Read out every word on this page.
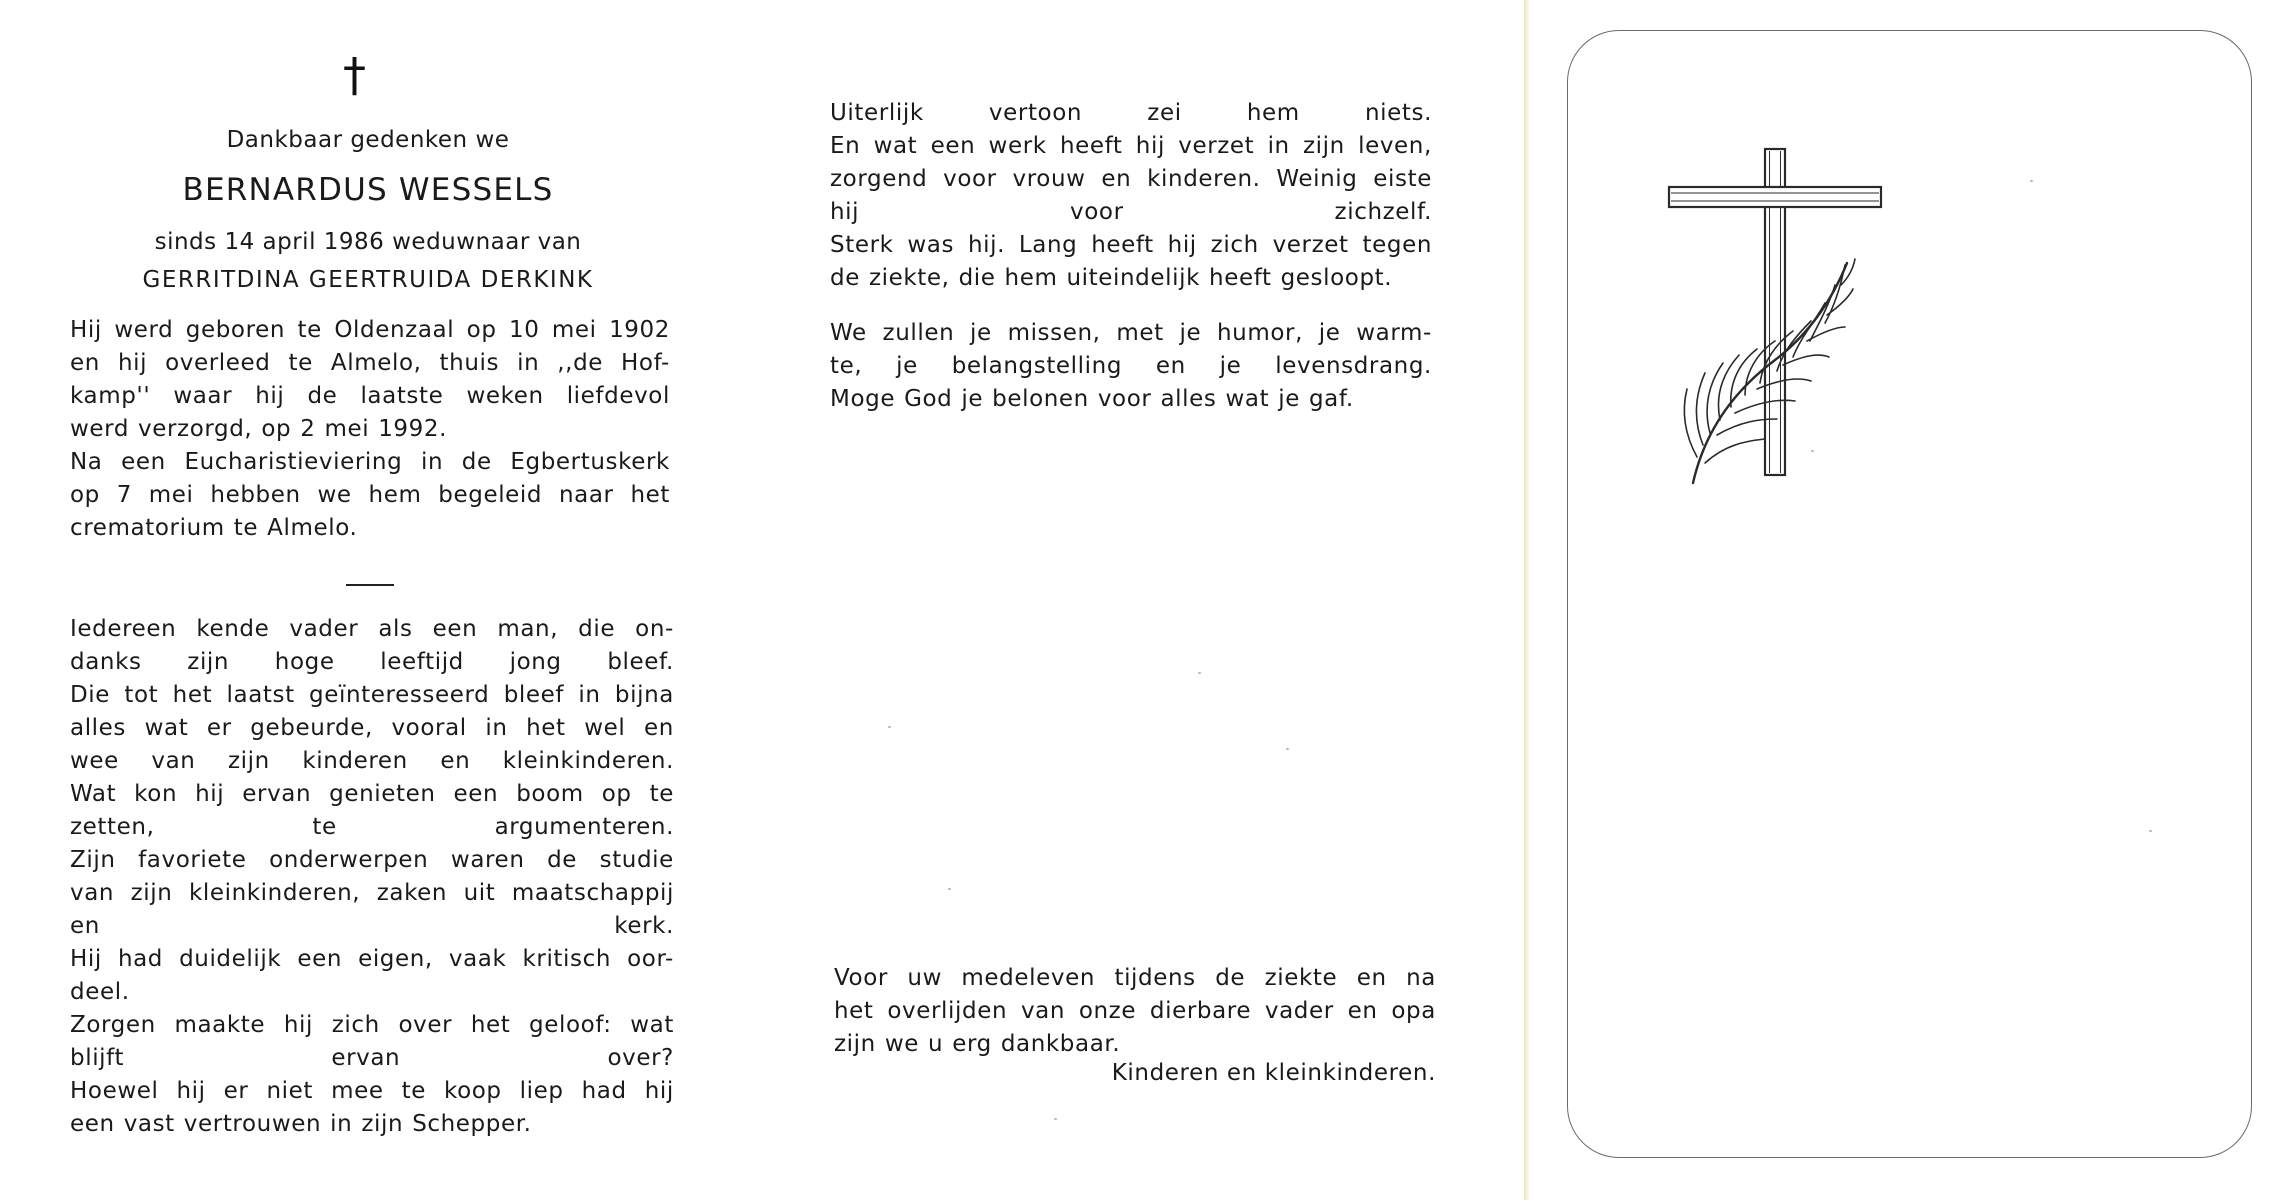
†
Dankbaar gedenken we
BERNARDUS WESSELS
sinds 14 april 1986 weduwnaar van
GERRITDINA GEERTRUIDA DERKINK
Hij werd geboren te Oldenzaal op 10 mei 1902
en hij overleed te Almelo, thuis in ,,de Hof-
kamp'' waar hij de laatste weken liefdevol
werd verzorgd, op 2 mei 1992.
Na een Eucharistieviering in de Egbertuskerk
op 7 mei hebben we hem begeleid naar het
crematorium te Almelo.
Iedereen kende vader als een man, die on-
danks zijn hoge leeftijd jong bleef.
Die tot het laatst geïnteresseerd bleef in bijna
alles wat er gebeurde, vooral in het wel en
wee van zijn kinderen en kleinkinderen.
Wat kon hij ervan genieten een boom op te
zetten,	te	argumenteren.
Zijn favoriete onderwerpen waren de studie
van zijn kleinkinderen, zaken uit maatschappij
en	kerk.
Hij had duidelijk een eigen, vaak kritisch oor-
deel.
Zorgen maakte hij zich over het geloof: wat
blijft	ervan	over?
Hoewel hij er niet mee te koop liep had hij
een vast vertrouwen in zijn Schepper.
Uiterlijk	vertoon	zei	hem	niets.
En wat een werk heeft hij verzet in zijn leven,
zorgend voor vrouw en kinderen. Weinig eiste
hij	voor	zichzelf.
Sterk was hij. Lang heeft hij zich verzet tegen
de ziekte, die hem uiteindelijk heeft gesloopt.
We zullen je missen, met je humor, je warm-
te, je belangstelling en je levensdrang.
Moge God je belonen voor alles wat je gaf.
Voor uw medeleven tijdens de ziekte en na
het overlijden van onze dierbare vader en opa
zijn we u erg dankbaar.
Kinderen en kleinkinderen.
